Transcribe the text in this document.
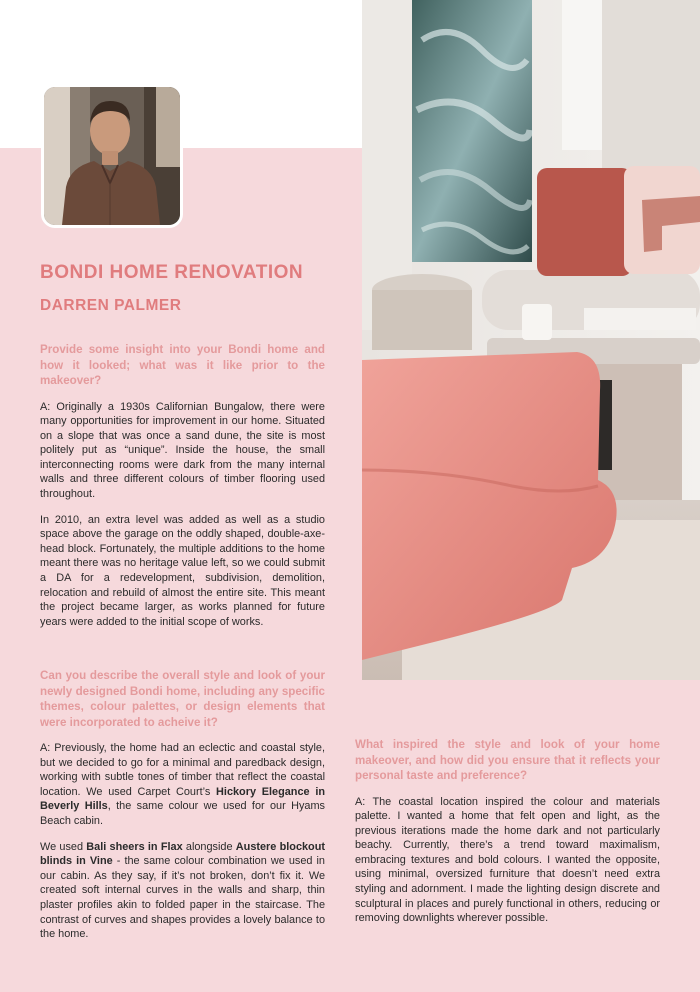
BONDI HOME RENOVATION
DARREN PALMER

Provide some insight into your Bondi home and how it looked; what was it like prior to the makeover?

A: Originally a 1930s Californian Bungalow, there were many opportunities for improvement in our home. Situated on a slope that was once a sand dune, the site is most politely put as “unique”. Inside the house, the small interconnecting rooms were dark from the many internal walls and three different colours of timber flooring used throughout.

In 2010, an extra level was added as well as a studio space above the garage on the oddly shaped, double-axe-head block. Fortunately, the multiple additions to the home meant there was no heritage value left, so we could submit a DA for a redevelopment, subdivision, demolition, relocation and rebuild of almost the entire site. This meant the project became larger, as works planned for future years were added to the initial scope of works.

Can you describe the overall style and look of your newly designed Bondi home, including any specific themes, colour palettes, or design elements that were incorporated to acheive it?

A: Previously, the home had an eclectic and coastal style, but we decided to go for a minimal and paredback design, working with subtle tones of timber that reflect the coastal location. We used Carpet Court’s Hickory Elegance in Beverly Hills, the same colour we used for our Hyams Beach cabin.

We used Bali sheers in Flax alongside Austere blockout blinds in Vine - the same colour combination we used in our cabin. As they say, if it’s not broken, don’t fix it. We created soft internal curves in the walls and sharp, thin plaster profiles akin to folded paper in the staircase. The contrast of curves and shapes provides a lovely balance to the home.

What inspired the style and look of your home makeover, and how did you ensure that it reflects your personal taste and preference?

A: The coastal location inspired the colour and materials palette. I wanted a home that felt open and light, as the previous iterations made the home dark and not particularly beachy. Currently, there’s a trend toward maximalism, embracing textures and bold colours. I wanted the opposite, using minimal, oversized furniture that doesn’t need extra styling and adornment. I made the lighting design discrete and sculptural in places and purely functional in others, reducing or removing downlights wherever possible.
